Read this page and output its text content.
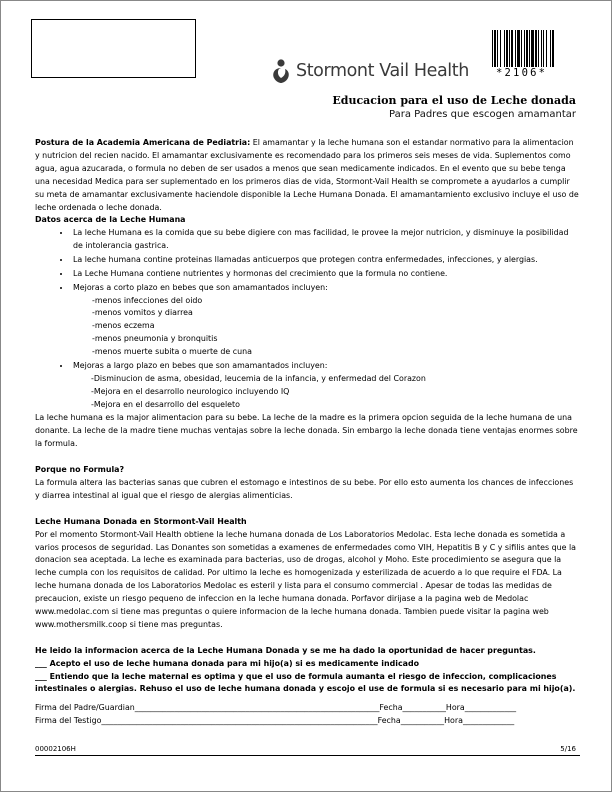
Stormont Vail Health	*2106*
Educacion para el uso de Leche donada
Para Padres que escogen amamantar

Postura de la Academia Americana de Pediatria: El amamantar y la leche humana son el estandar normativo para la alimentacion y nutricion del recien nacido. El amamantar exclusivamente es recomendado para los primeros seis meses de vida. Suplementos como agua, agua azucarada, o formula no deben de ser usados a menos que sean medicamente indicados. En el evento que su bebe tenga una necesidad Medica para ser suplementado en los primeros dias de vida, Stormont-Vail Health se compromete a ayudarlos a cumplir su meta de amamantar exclusivamente haciendole disponible la Leche Humana Donada. El amamantamiento exclusivo incluye el uso de leche ordenada o leche donada.

Datos acerca de la Leche Humana

• La leche Humana es la comida que su bebe digiere con mas facilidad, le provee la mejor nutricion, y disminuye la posibilidad de intolerancia gastrica.
• La leche humana contine proteinas llamadas anticuerpos que protegen contra enfermedades, infecciones, y alergias.
• La Leche Humana contiene nutrientes y hormonas del crecimiento que la formula no contiene.
• Mejoras a corto plazo en bebes que son amamantados incluyen:
-menos infecciones del oido
-menos vomitos y diarrea
-menos eczema
-menos pneumonia y bronquitis
-menos muerte subita o muerte de cuna
• Mejoras a largo plazo en bebes que son amamantados incluyen:
-Disminucion de asma, obesidad, leucemia de la infancia, y enfermedad del Corazon
-Mejora en el desarrollo neurologico incluyendo IQ
-Mejora en el desarrollo del esqueleto

La leche humana es la major alimentacion para su bebe. La leche de la madre es la primera opcion seguida de la leche humana de una donante. La leche de la madre tiene muchas ventajas sobre la leche donada. Sin embargo la leche donada tiene ventajas enormes sobre la formula.

Porque no Formula?

La formula altera las bacterias sanas que cubren el estomago e intestinos de su bebe. Por ello esto aumenta los chances de infecciones y diarrea intestinal al igual que el riesgo de alergias alimenticias.

Leche Humana Donada en Stormont-Vail Health

Por el momento Stormont-Vail Health obtiene la leche humana donada de Los Laboratorios Medolac. Esta leche donada es sometida a varios procesos de seguridad. Las Donantes son sometidas a examenes de enfermedades como VIH, Hepatitis B y C y sifilis antes que la donacion sea aceptada. La leche es examinada para bacterias, uso de drogas, alcohol y Moho. Este procedimiento se asegura que la leche cumpla con los requisitos de calidad. Por ultimo la leche es homogenizada y esterilizada de acuerdo a lo que require el FDA. La leche humana donada de los Laboratorios Medolac es esteril y lista para el consumo commercial . Apesar de todas las medidas de precaucion, existe un riesgo pequeno de infeccion en la leche humana donada. Porfavor dirijase a la pagina web de Medolac www.medolac.com si tiene mas preguntas o quiere informacion de la leche humana donada. Tambien puede visitar la pagina web www.mothersmilk.coop si tiene mas preguntas.

He leido la informacion acerca de la Leche Humana Donada y se me ha dado la oportunidad de hacer preguntas.

___ Acepto el uso de leche humana donada para mi hijo(a) si es medicamente indicado

___ Entiendo que la leche maternal es optima y que el uso de formula aumanta el riesgo de infeccion, complicaciones intestinales o alergias. Rehuso el uso de leche humana donada y escojo el use de formula si es necesario para mi hijo(a).

Firma del Padre/Guardian______________________________________________________________Fecha___________Hora_____________
Firma del Testigo______________________________________________________________________Fecha___________Hora_____________
00002106H	5/16
